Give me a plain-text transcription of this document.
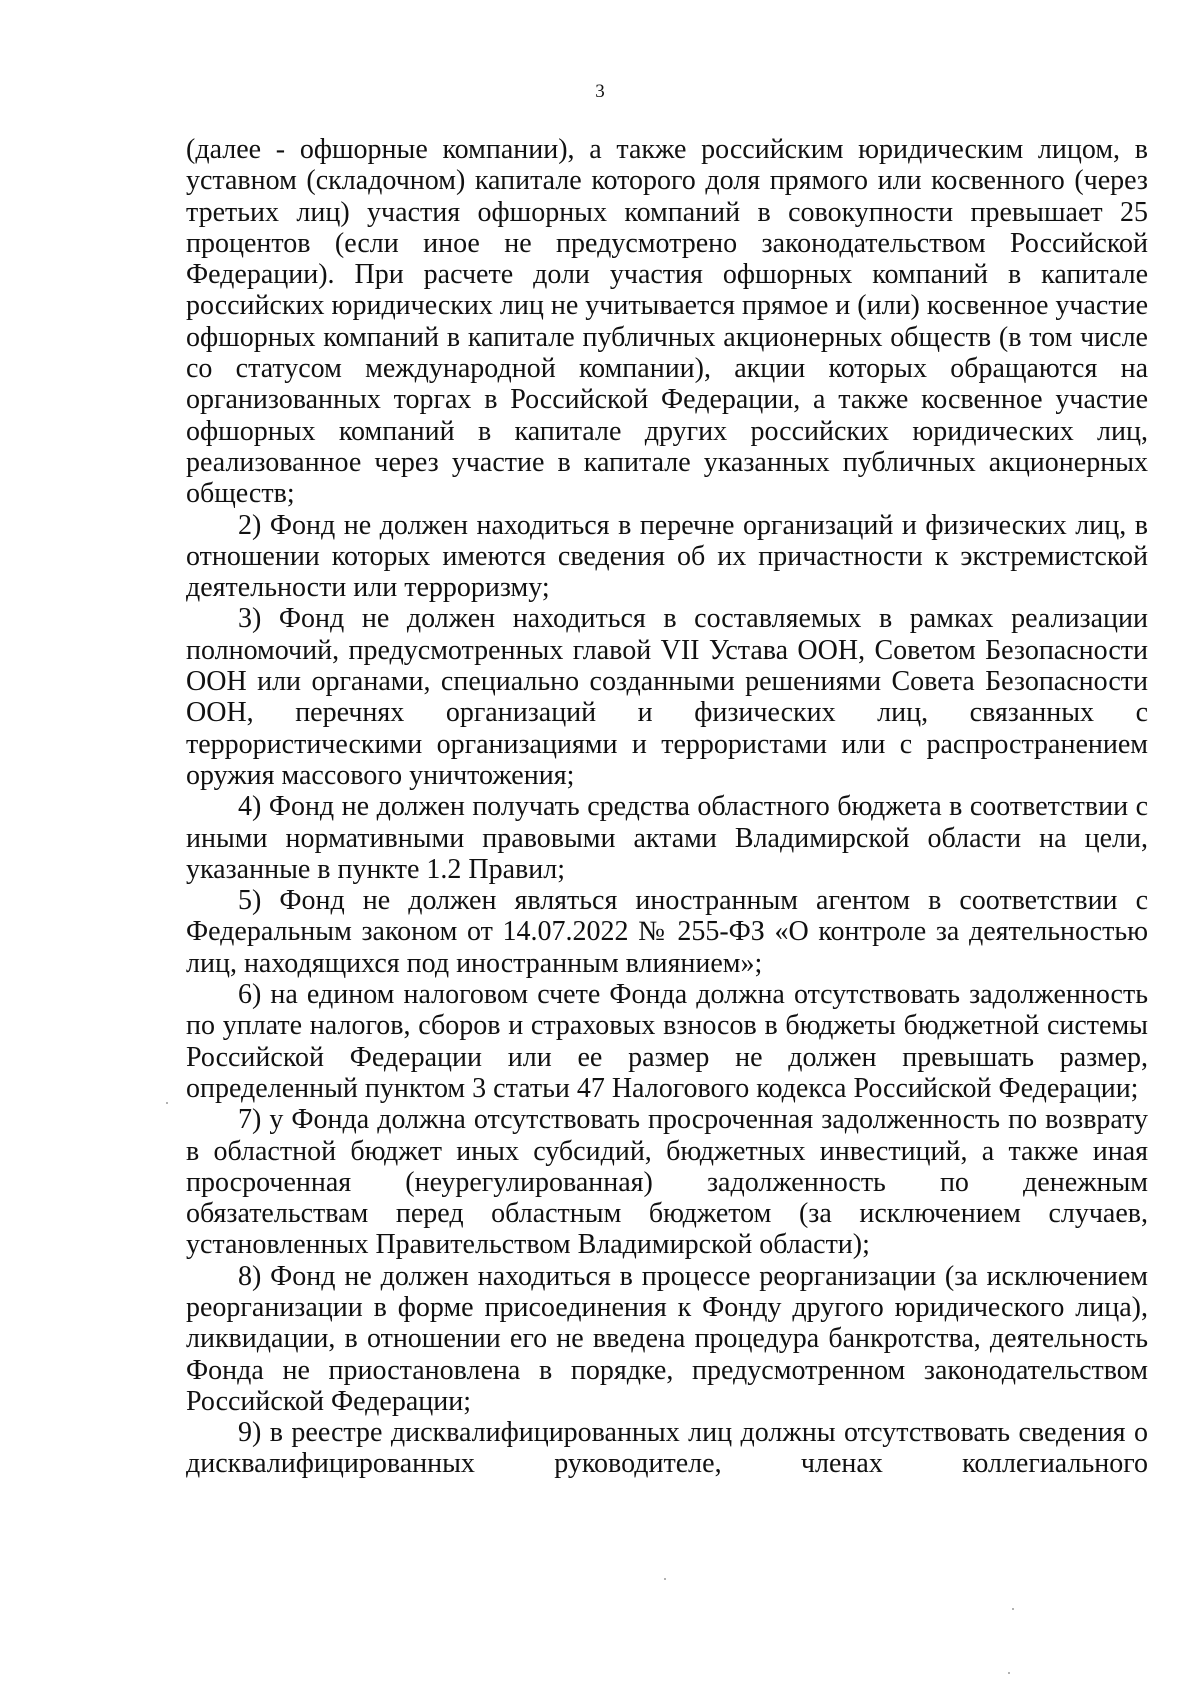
3

(далее - офшорные компании), а также российским юридическим лицом, в уставном (складочном) капитале которого доля прямого или косвенного (через третьих лиц) участия офшорных компаний в совокупности превышает 25 процентов (если иное не предусмотрено законодательством Российской Федерации). При расчете доли участия офшорных компаний в капитале российских юридических лиц не учитывается прямое и (или) косвенное участие офшорных компаний в капитале публичных акционерных обществ (в том числе со статусом международной компании), акции которых обращаются на организованных торгах в Российской Федерации, а также косвенное участие офшорных компаний в капитале других российских юридических лиц, реализованное через участие в капитале указанных публичных акционерных обществ;

2) Фонд не должен находиться в перечне организаций и физических лиц, в отношении которых имеются сведения об их причастности к экстремистской деятельности или терроризму;

3) Фонд не должен находиться в составляемых в рамках реализации полномочий, предусмотренных главой VII Устава ООН, Советом Безопасности ООН или органами, специально созданными решениями Совета Безопасности ООН, перечнях организаций и физических лиц, связанных с террористическими организациями и террористами или с распространением оружия массового уничтожения;

4) Фонд не должен получать средства областного бюджета в соответствии с иными нормативными правовыми актами Владимирской области на цели, указанные в пункте 1.2 Правил;

5) Фонд не должен являться иностранным агентом в соответствии с Федеральным законом от 14.07.2022 № 255-ФЗ «О контроле за деятельностью лиц, находящихся под иностранным влиянием»;

6) на едином налоговом счете Фонда должна отсутствовать задолженность по уплате налогов, сборов и страховых взносов в бюджеты бюджетной системы Российской Федерации или ее размер не должен превышать размер, определенный пунктом 3 статьи 47 Налогового кодекса Российской Федерации;

7) у Фонда должна отсутствовать просроченная задолженность по возврату в областной бюджет иных субсидий, бюджетных инвестиций, а также иная просроченная (неурегулированная) задолженность по денежным обязательствам перед областным бюджетом (за исключением случаев, установленных Правительством Владимирской области);

8) Фонд не должен находиться в процессе реорганизации (за исключением реорганизации в форме присоединения к Фонду другого юридического лица), ликвидации, в отношении его не введена процедура банкротства, деятельность Фонда не приостановлена в порядке, предусмотренном законодательством Российской Федерации;

9) в реестре дисквалифицированных лиц должны отсутствовать сведения о дисквалифицированных руководителе, членах коллегиального
